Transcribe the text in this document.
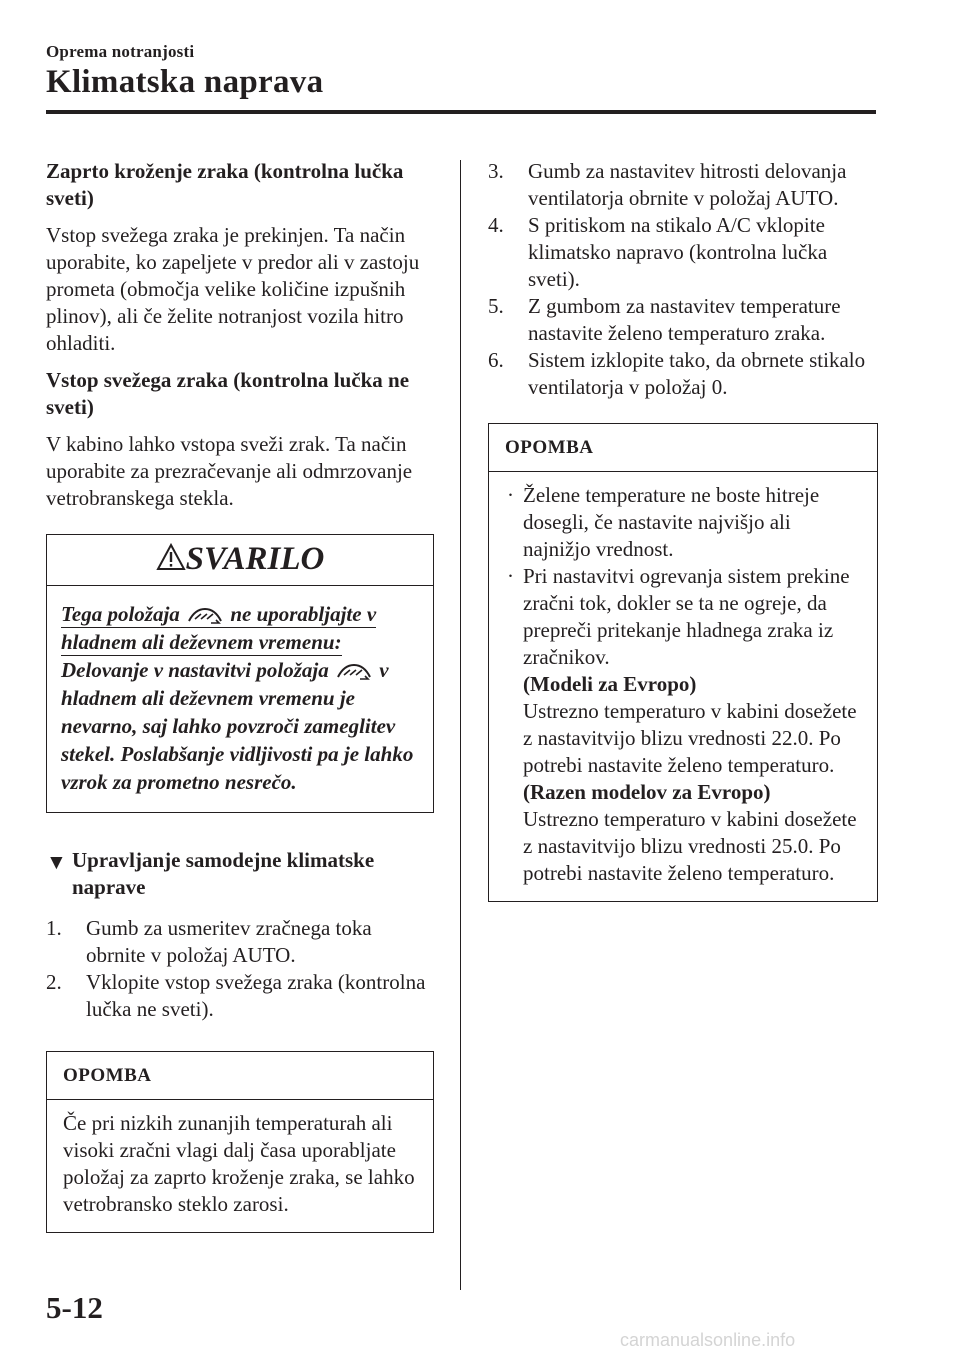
Oprema notranjosti
Klimatska naprava
Zaprto kroženje zraka (kontrolna lučka sveti)
Vstop svežega zraka je prekinjen. Ta način uporabite, ko zapeljete v predor ali v zastoju prometa (območja velike količine izpušnih plinov), ali če želite notranjost vozila hitro ohladiti.
Vstop svežega zraka (kontrolna lučka ne sveti)
V kabino lahko vstopa sveži zrak. Ta način uporabite za prezračevanje ali odmrzovanje vetrobranskega stekla.
SVARILO
Tega položaja ne uporabljajte v hladnem ali deževnem vremenu:
Delovanje v nastavitvi položaja v hladnem ali deževnem vremenu je nevarno, saj lahko povzroči zameglitev stekel. Poslabšanje vidljivosti pa je lahko vzrok za prometno nesrečo.
▼ Upravljanje samodejne klimatske naprave
1. Gumb za usmeritev zračnega toka obrnite v položaj AUTO.
2. Vklopite vstop svežega zraka (kontrolna lučka ne sveti).
OPOMBA
Če pri nizkih zunanjih temperaturah ali visoki zračni vlagi dalj časa uporabljate položaj za zaprto kroženje zraka, se lahko vetrobransko steklo zarosi.
3. Gumb za nastavitev hitrosti delovanja ventilatorja obrnite v položaj AUTO.
4. S pritiskom na stikalo A/C vklopite klimatsko napravo (kontrolna lučka sveti).
5. Z gumbom za nastavitev temperature nastavite želeno temperaturo zraka.
6. Sistem izklopite tako, da obrnete stikalo ventilatorja v položaj 0.
OPOMBA
· Želene temperature ne boste hitreje dosegli, če nastavite najvišjo ali najnižjo vrednost.
· Pri nastavitvi ogrevanja sistem prekine zračni tok, dokler se ta ne ogreje, da prepreči pritekanje hladnega zraka iz zračnikov.
(Modeli za Evropo)
Ustrezno temperaturo v kabini dosežete z nastavitvijo blizu vrednosti 22.0. Po potrebi nastavite želeno temperaturo.
(Razen modelov za Evropo)
Ustrezno temperaturo v kabini dosežete z nastavitvijo blizu vrednosti 25.0. Po potrebi nastavite želeno temperaturo.
5-12
carmanualsonline.info
